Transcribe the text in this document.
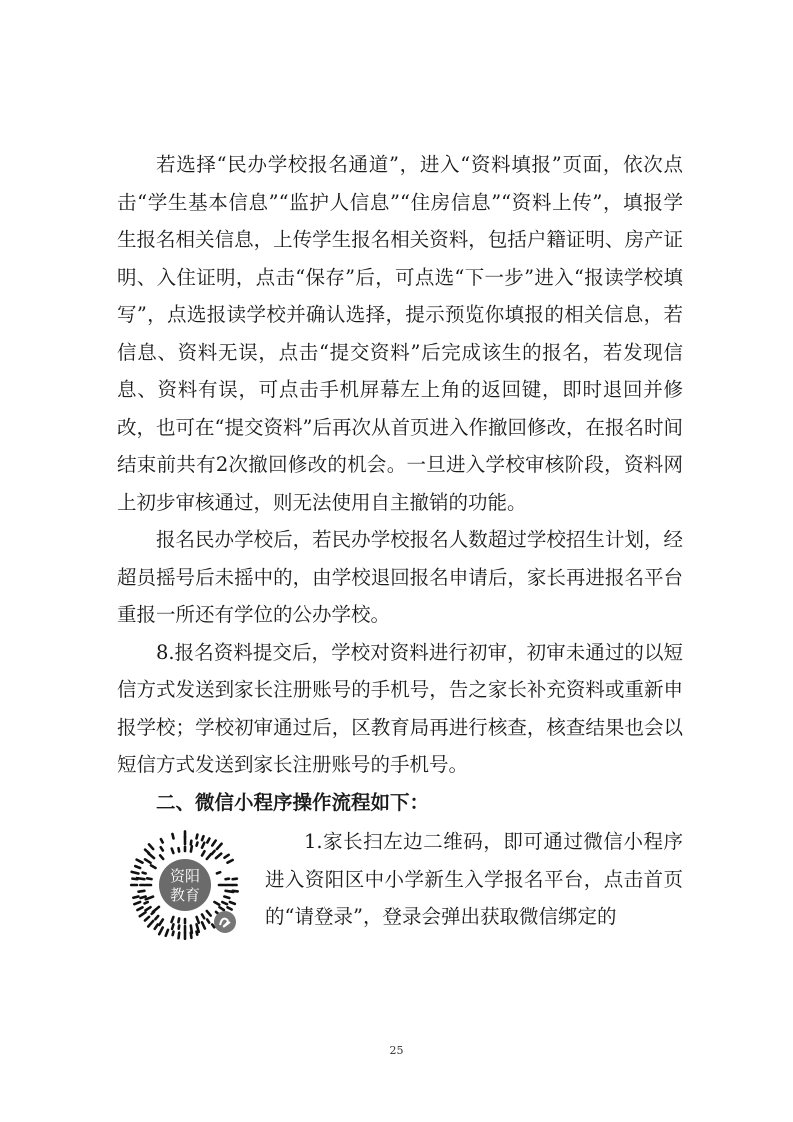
若选择“民办学校报名通道”，进入“资料填报”页面，依次点击“学生基本信息”“监护人信息”“住房信息”“资料上传”，填报学生报名相关信息，上传学生报名相关资料，包括户籍证明、房产证明、入住证明，点击“保存”后，可点选“下一步”进入“报读学校填写”，点选报读学校并确认选择，提示预览你填报的相关信息，若信息、资料无误，点击“提交资料”后完成该生的报名，若发现信息、资料有误，可点击手机屏幕左上角的返回键，即时退回并修改，也可在“提交资料”后再次从首页进入作撤回修改，在报名时间结束前共有2次撤回修改的机会。一旦进入学校审核阶段，资料网上初步审核通过，则无法使用自主撤销的功能。

报名民办学校后，若民办学校报名人数超过学校招生计划，经超员摇号后未摇中的，由学校退回报名申请后，家长再进报名平台重报一所还有学位的公办学校。

8.报名资料提交后，学校对资料进行初审，初审未通过的以短信方式发送到家长注册账号的手机号，告之家长补充资料或重新申报学校；学校初审通过后，区教育局再进行核查，核查结果也会以短信方式发送到家长注册账号的手机号。

二、微信小程序操作流程如下：
资阳
教育

1.家长扫左边二维码，即可通过微信小程序进入资阳区中小学新生入学报名平台，点击首页的“请登录”，登录会弹出获取微信绑定的

25
